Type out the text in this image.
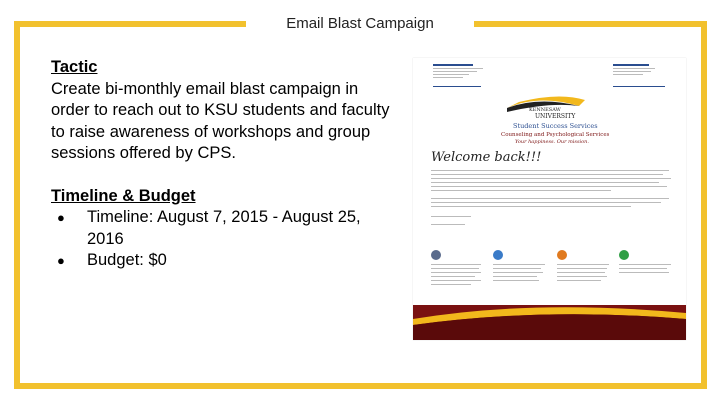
Email Blast Campaign
Tactic

Create bi-monthly email blast campaign in order to reach out to KSU students and faculty to raise awareness of workshops and group sessions offered by CPS.

Timeline & Budget
● Timeline: August 7, 2015 - August 25, 2016
● Budget: $0
KENNESAW
UNIVERSITY
Student Success Services
Counseling and Psychological Services
Your happiness. Our mission.
Welcome back!!!
